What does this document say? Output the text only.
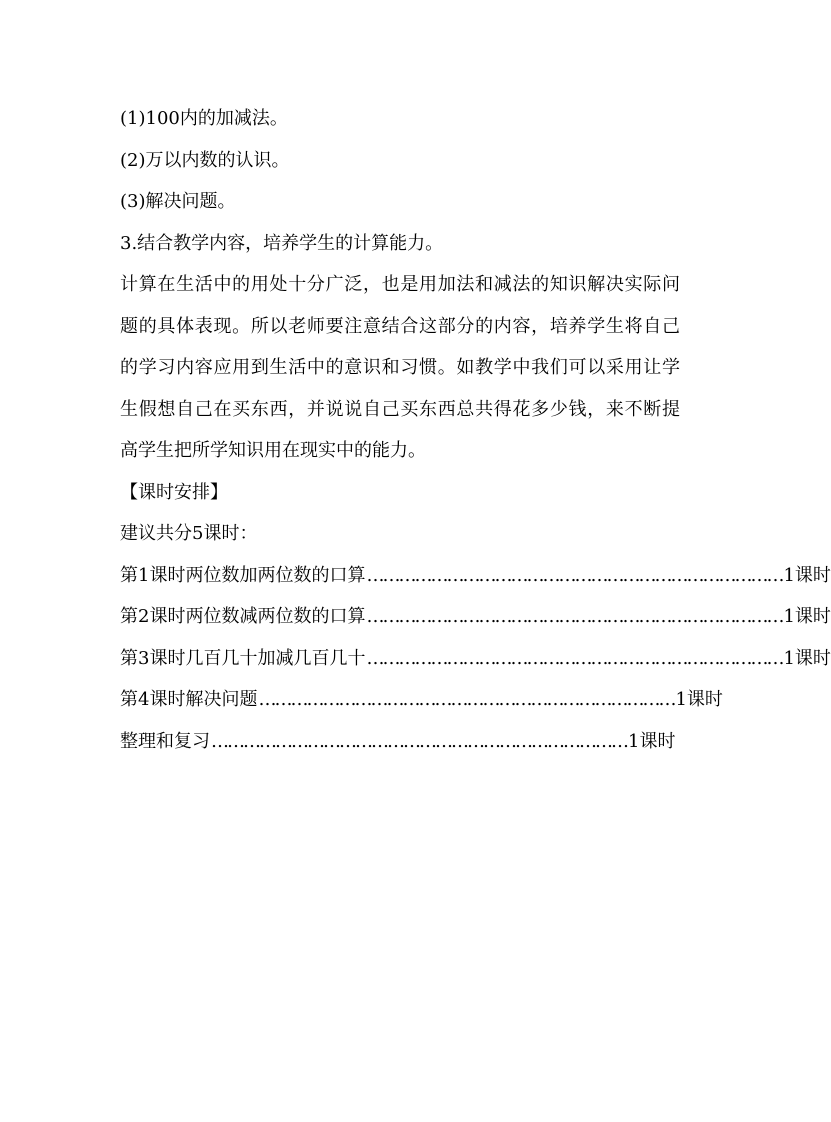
(1)100内的加减法。
(2)万以内数的认识。
(3)解决问题。
3.结合教学内容，培养学生的计算能力。
计算在生活中的用处十分广泛，也是用加法和减法的知识解决实际问
题的具体表现。所以老师要注意结合这部分的内容，培养学生将自己
的学习内容应用到生活中的意识和习惯。如教学中我们可以采用让学
生假想自己在买东西，并说说自己买东西总共得花多少钱，来不断提
高学生把所学知识用在现实中的能力。
【课时安排】
建议共分5课时：
第1课时两位数加两位数的口算 …………………………………………………………………… 1课时
第2课时两位数减两位数的口算 …………………………………………………………………… 1课时
第3课时几百几十加减几百几十 …………………………………………………………………… 1课时
第4课时解决问题 …………………………………………………………………… 1课时
整理和复习 …………………………………………………………………… 1课时
